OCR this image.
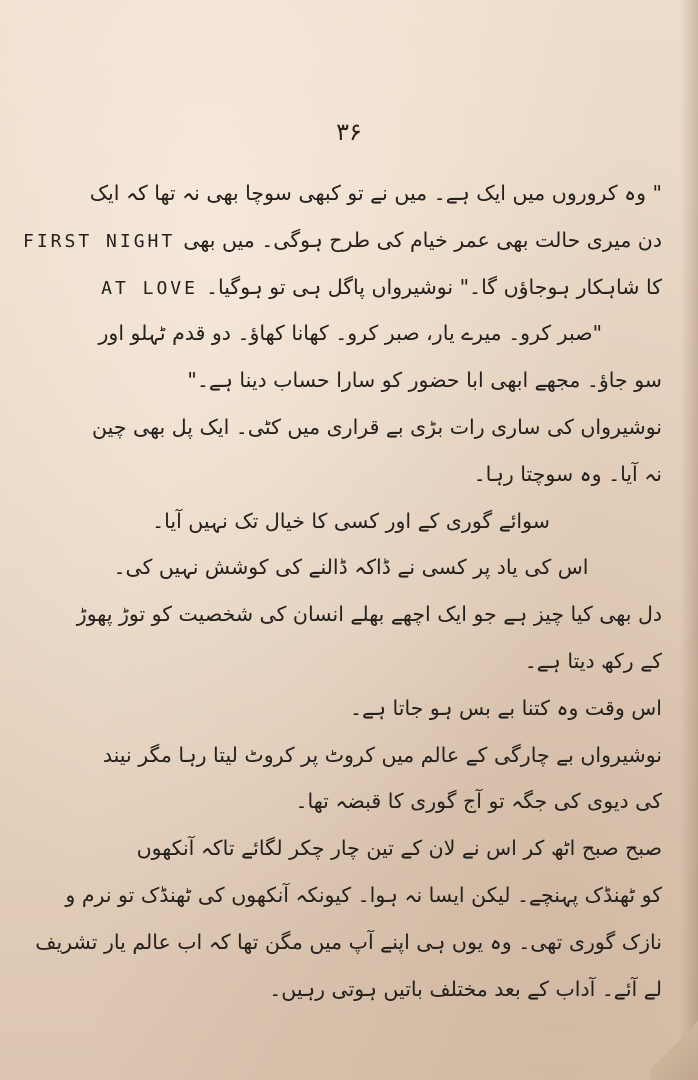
۳۶
" وہ کروروں میں ایک ہے۔ میں نے تو کبھی سوچا بھی نہ تھا کہ ایک
دن میری حالت بھی عمر خیام کی طرح ہوگی۔ میں بھیFIRST NIGHT
کا شاہکار ہوجاؤں گا۔" نوشیرواں پاگل ہی تو ہوگیا۔AT LOVE
"صبر کرو۔ میرے یار، صبر کرو۔ کھانا کھاؤ۔ دو قدم ٹہلو اور
سو جاؤ۔ مجھے ابھی ابا حضور کو سارا حساب دینا ہے۔"
نوشیرواں کی ساری رات بڑی بے قراری میں کٹی۔ ایک پل بھی چین
نہ آیا۔ وہ سوچتا رہا۔
سوائے گوری کے اور کسی کا خیال تک نہیں آیا۔
اس کی یاد پر کسی نے ڈاکہ ڈالنے کی کوشش نہیں کی۔
دل بھی کیا چیز ہے جو ایک اچھے بھلے انسان کی شخصیت کو توڑ پھوڑ
کے رکھ دیتا ہے۔
اس وقت وہ کتنا بے بس ہو جاتا ہے۔
نوشیرواں بے چارگی کے عالم میں کروٹ پر کروٹ لیتا رہا مگر نیند
کی دیوی کی جگہ تو آج گوری کا قبضہ تھا۔
صبح صبح اٹھ کر اس نے لان کے تین چار چکر لگائے تاکہ آنکھوں
کو ٹھنڈک پہنچے۔ لیکن ایسا نہ ہوا۔ کیونکہ آنکھوں کی ٹھنڈک تو نرم و
نازک گوری تھی۔ وہ یوں ہی اپنے آپ میں مگن تھا کہ اب عالم یار تشریف
لے آئے۔ آداب کے بعد مختلف باتیں ہوتی رہیں۔
